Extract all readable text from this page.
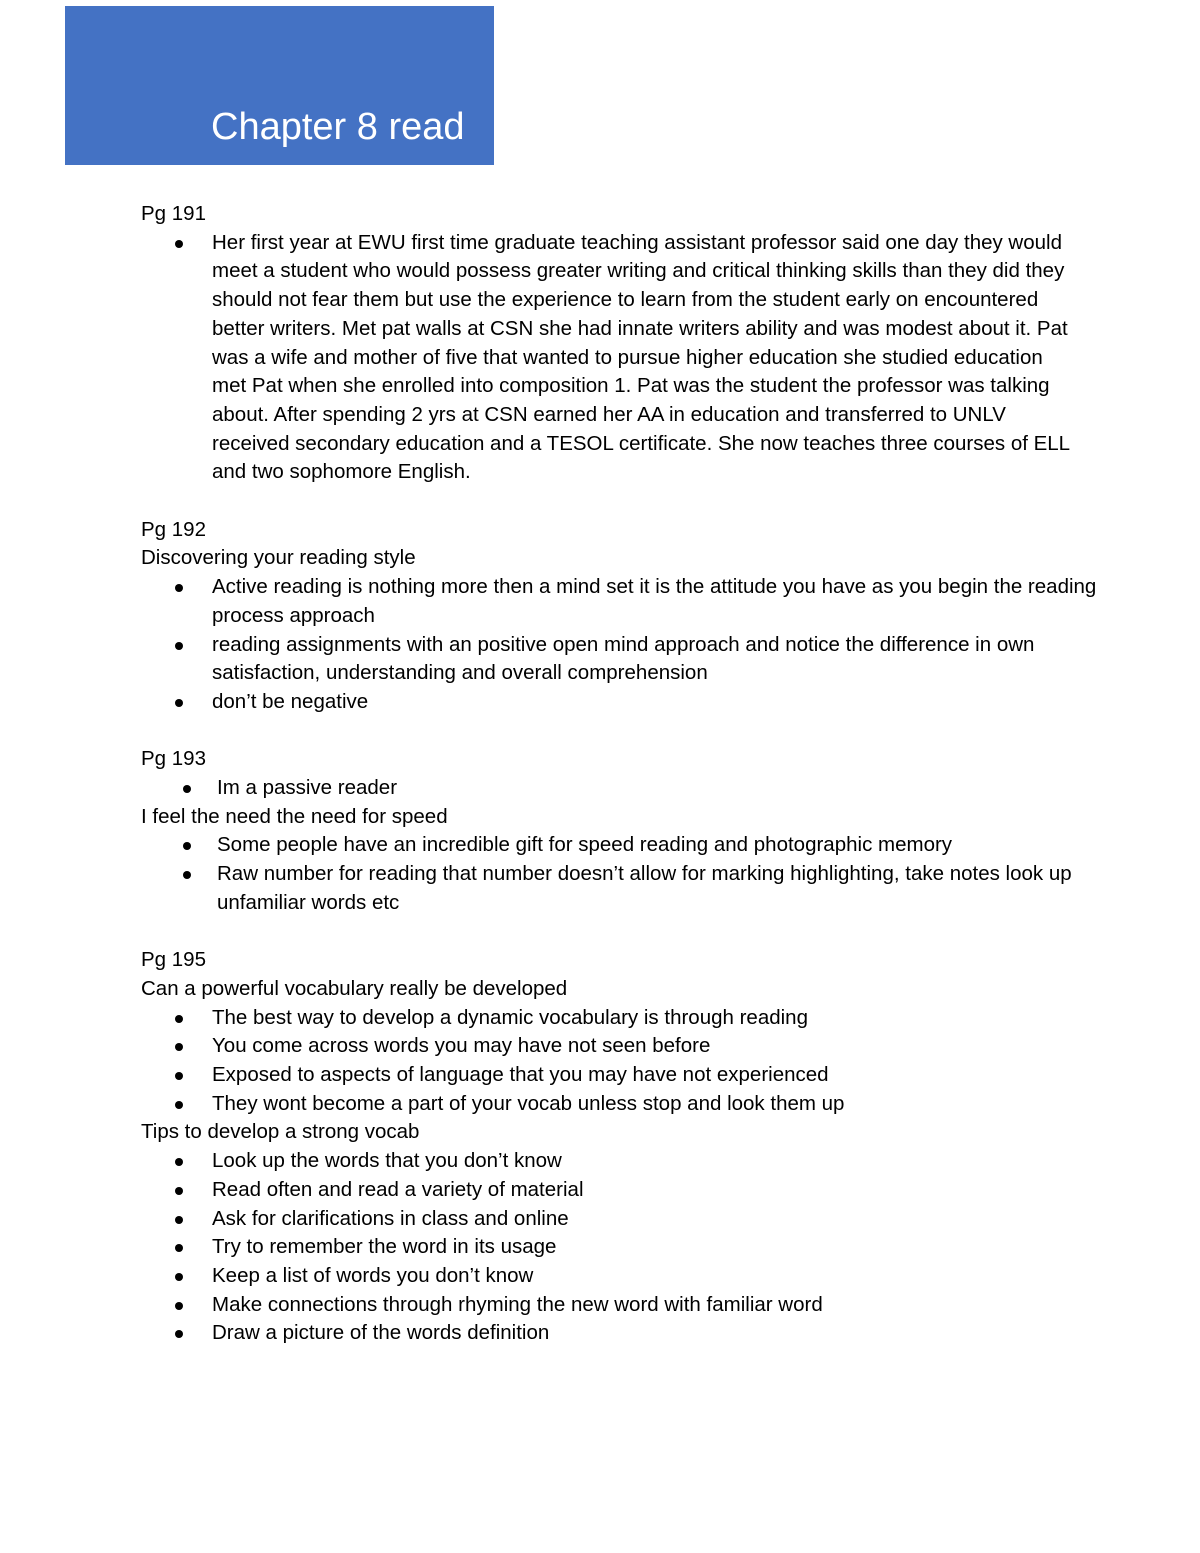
Chapter 8 read
Pg 191
Her first year at EWU first time graduate teaching assistant professor said one day they would meet a student who would possess greater writing and critical thinking skills than they did they should not fear them but use the experience to learn from the student early on encountered better writers. Met pat walls at CSN she had innate writers ability and was modest about it. Pat was a wife and mother of five that wanted to pursue higher education she studied education met Pat when she enrolled into composition 1. Pat was the student the professor was talking about. After spending 2 yrs at CSN earned her AA in education and transferred to UNLV received secondary education and a TESOL certificate. She now teaches three courses of ELL and two sophomore English.
Pg 192
Discovering your reading style
Active reading is nothing more then a mind set it is the attitude you have as you begin the reading process approach
reading assignments with an positive open mind approach and notice the difference in own satisfaction, understanding and overall comprehension
don’t be negative
Pg 193
Im a passive reader
I feel the need the need for speed
Some people have an incredible gift for speed reading and photographic memory
Raw number for reading that number doesn’t allow for marking highlighting, take notes look up unfamiliar words etc
Pg 195
Can a powerful vocabulary really be developed
The best way to develop a dynamic vocabulary is through reading
You come across words you may have not seen before
Exposed to aspects of language that you may have not experienced
They wont become a part of your vocab unless stop and look them up
Tips to develop a strong vocab
Look up the words that you don’t know
Read often and read a variety of material
Ask for clarifications in class and online
Try to remember the word in its usage
Keep a list of words you don’t know
Make connections through rhyming the new word with familiar word
Draw a picture of the words definition
